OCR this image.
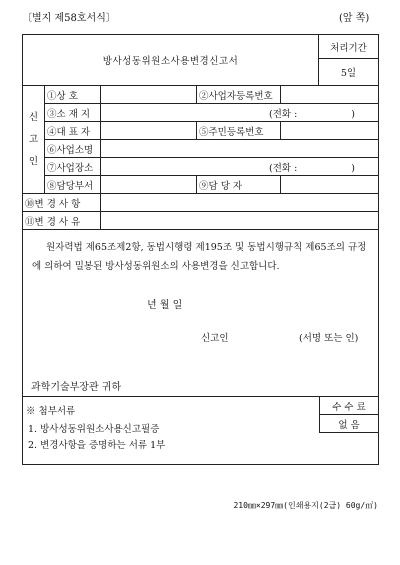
〔별지 제58호서식〕	(앞 쪽)
방사성동위원소사용변경신고서	처리기간
5일
신
고
인	①상 호		②사업자등록번호	
③소 재 지	(전화 :	)
④대 표 자		⑤주민등록번호	
⑥사업소명	
⑦사업장소	(전화 :	)
⑧담당부서		⑨담 당 자	
⑩변 경 사 항	
⑪변 경 사 유	

원자력법 제65조제2항, 동법시행령 제195조 및 동법시행규칙 제65조의 규정에 의하여 밀봉된 방사성동위원소의 사용변경을 신고합니다.
년 월 일
신고인	(서명 또는 인)
과학기술부장관 귀하

※ 첨부서류
1. 방사성동위원소사용신고필증
2. 변경사항을 증명하는 서류 1부
수 수 료
없 음
210㎜×297㎜(인쇄용지(2급) 60g/㎡)
